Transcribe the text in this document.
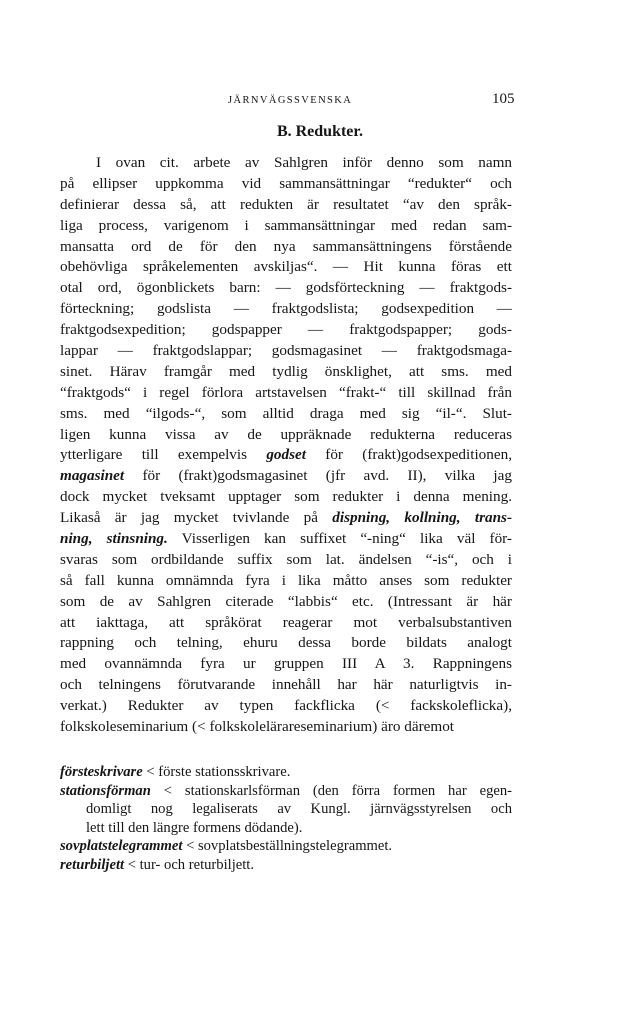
JÄRNVÄGSSVENSKA	105
B. Redukter.
I ovan cit. arbete av Sahlgren inför denno som namn
på ellipser uppkomma vid sammansättningar “redukter“ och
definierar dessa så, att redukten är resultatet “av den språk-
liga process, varigenom i sammansättningar med redan sam-
mansatta ord de för den nya sammansättningens förstående
obehövliga språkelementen avskiljas“. — Hit kunna föras ett
otal ord, ögonblickets barn: — godsförteckning — fraktgods-
förteckning; godslista — fraktgodslista; godsexpedition —
fraktgodsexpedition; godspapper — fraktgodspapper; gods-
lappar — fraktgodslappar; godsmagasinet — fraktgodsmaga-
sinet. Härav framgår med tydlig önsklighet, att sms. med
“fraktgods“ i regel förlora artstavelsen “frakt-“ till skillnad från
sms. med “ilgods-“, som alltid draga med sig “il-“. Slut-
ligen kunna vissa av de uppräknade redukterna reduceras
ytterligare till exempelvis godset för (frakt)godsexpeditionen,
magasinet för (frakt)godsmagasinet (jfr avd. II), vilka jag
dock mycket tveksamt upptager som redukter i denna mening.
Likaså är jag mycket tvivlande på dispning, kollning, trans-
ning, stinsning. Visserligen kan suffixet “-ning“ lika väl för-
svaras som ordbildande suffix som lat. ändelsen “-is“, och i
så fall kunna omnämnda fyra i lika måtto anses som redukter
som de av Sahlgren citerade “labbis“ etc. (Intressant är här
att iakttaga, att språkörat reagerar mot verbalsubstantiven
rappning och telning, ehuru dessa borde bildats analogt
med ovannämnda fyra ur gruppen III A 3. Rappningens
och telningens förutvarande innehåll har här naturligtvis in-
verkat.) Redukter av typen fackflicka (< fackskoleflicka),
folkskoleseminarium (< folkskolelärareseminarium) äro däremot
försteskrivare < förste stationsskrivare.
stationsförman < stationskarlsförman (den förra formen har egen-
domligt nog legaliserats av Kungl. järnvägsstyrelsen och
lett till den längre formens dödande).
sovplatstelegrammet < sovplatsbeställningstelegrammet.
returbiljett < tur- och returbiljett.
